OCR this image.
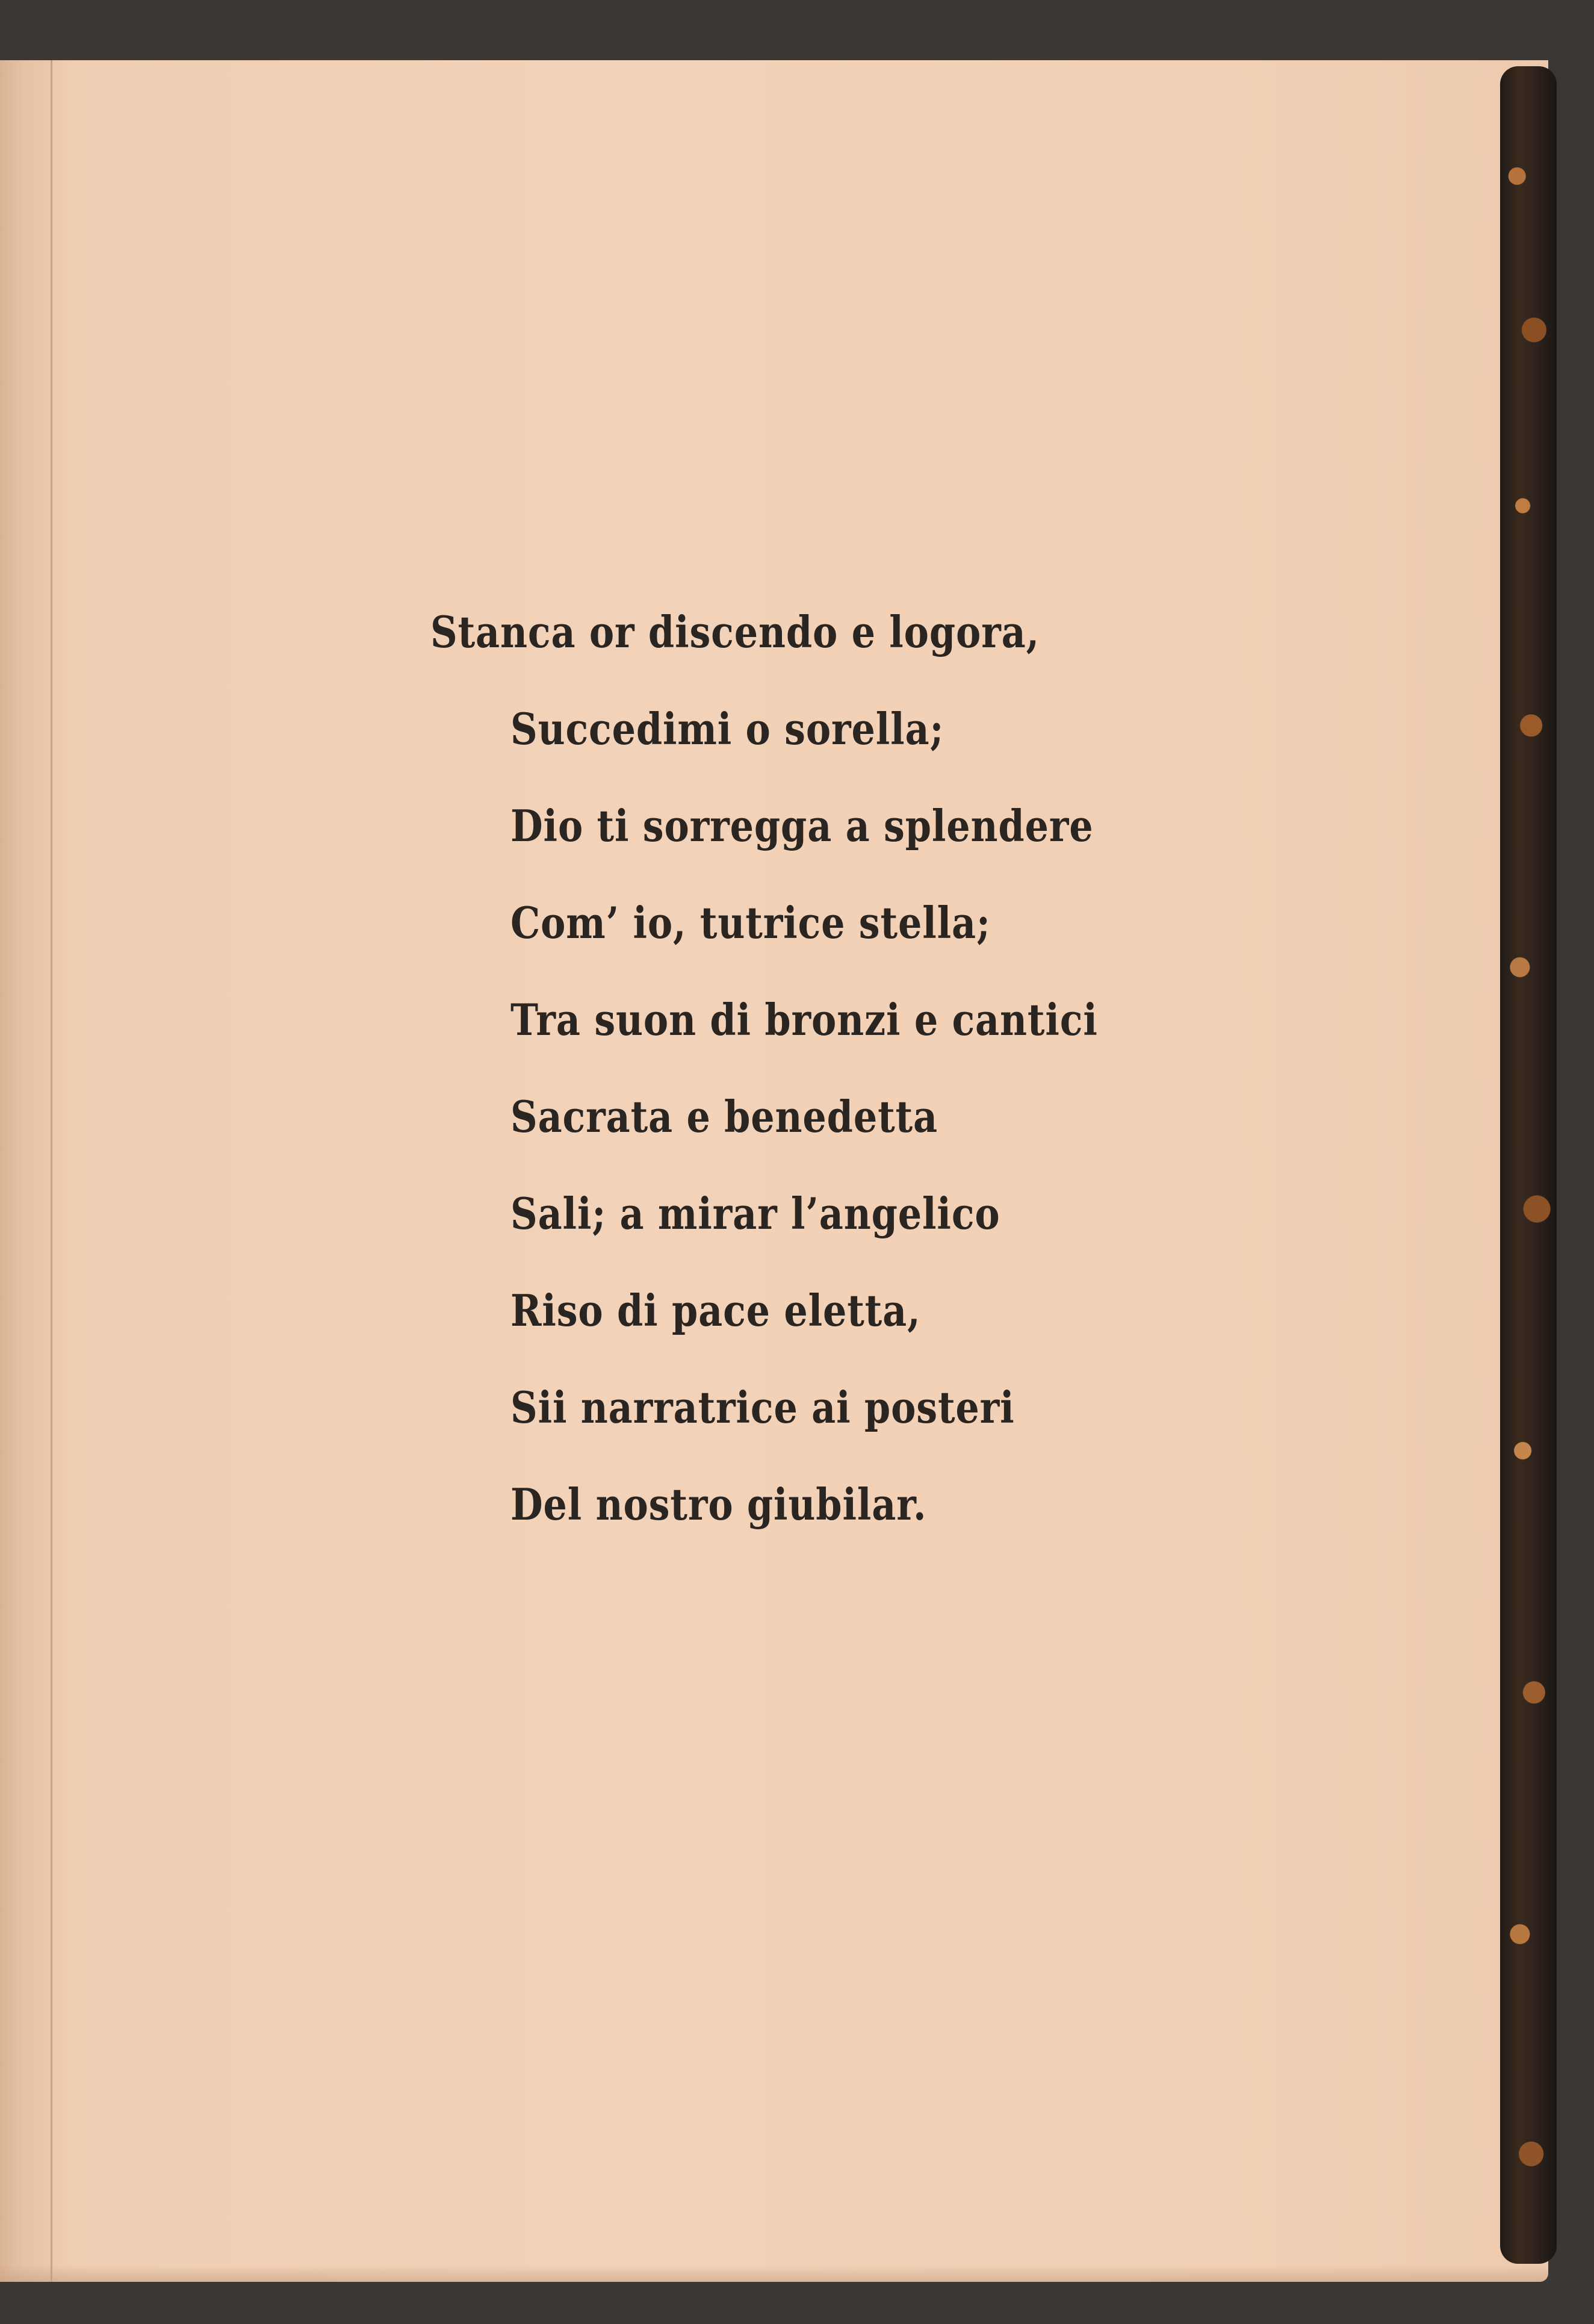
Stanca or discendo e logora,

Succedimi o sorella;

Dio ti sorregga a splendere

Com’ io, tutrice stella;

Tra suon di bronzi e cantici

Sacrata e benedetta

Sali; a mirar l’angelico

Riso di pace eletta,

Sii narratrice ai posteri

Del nostro giubilar.
